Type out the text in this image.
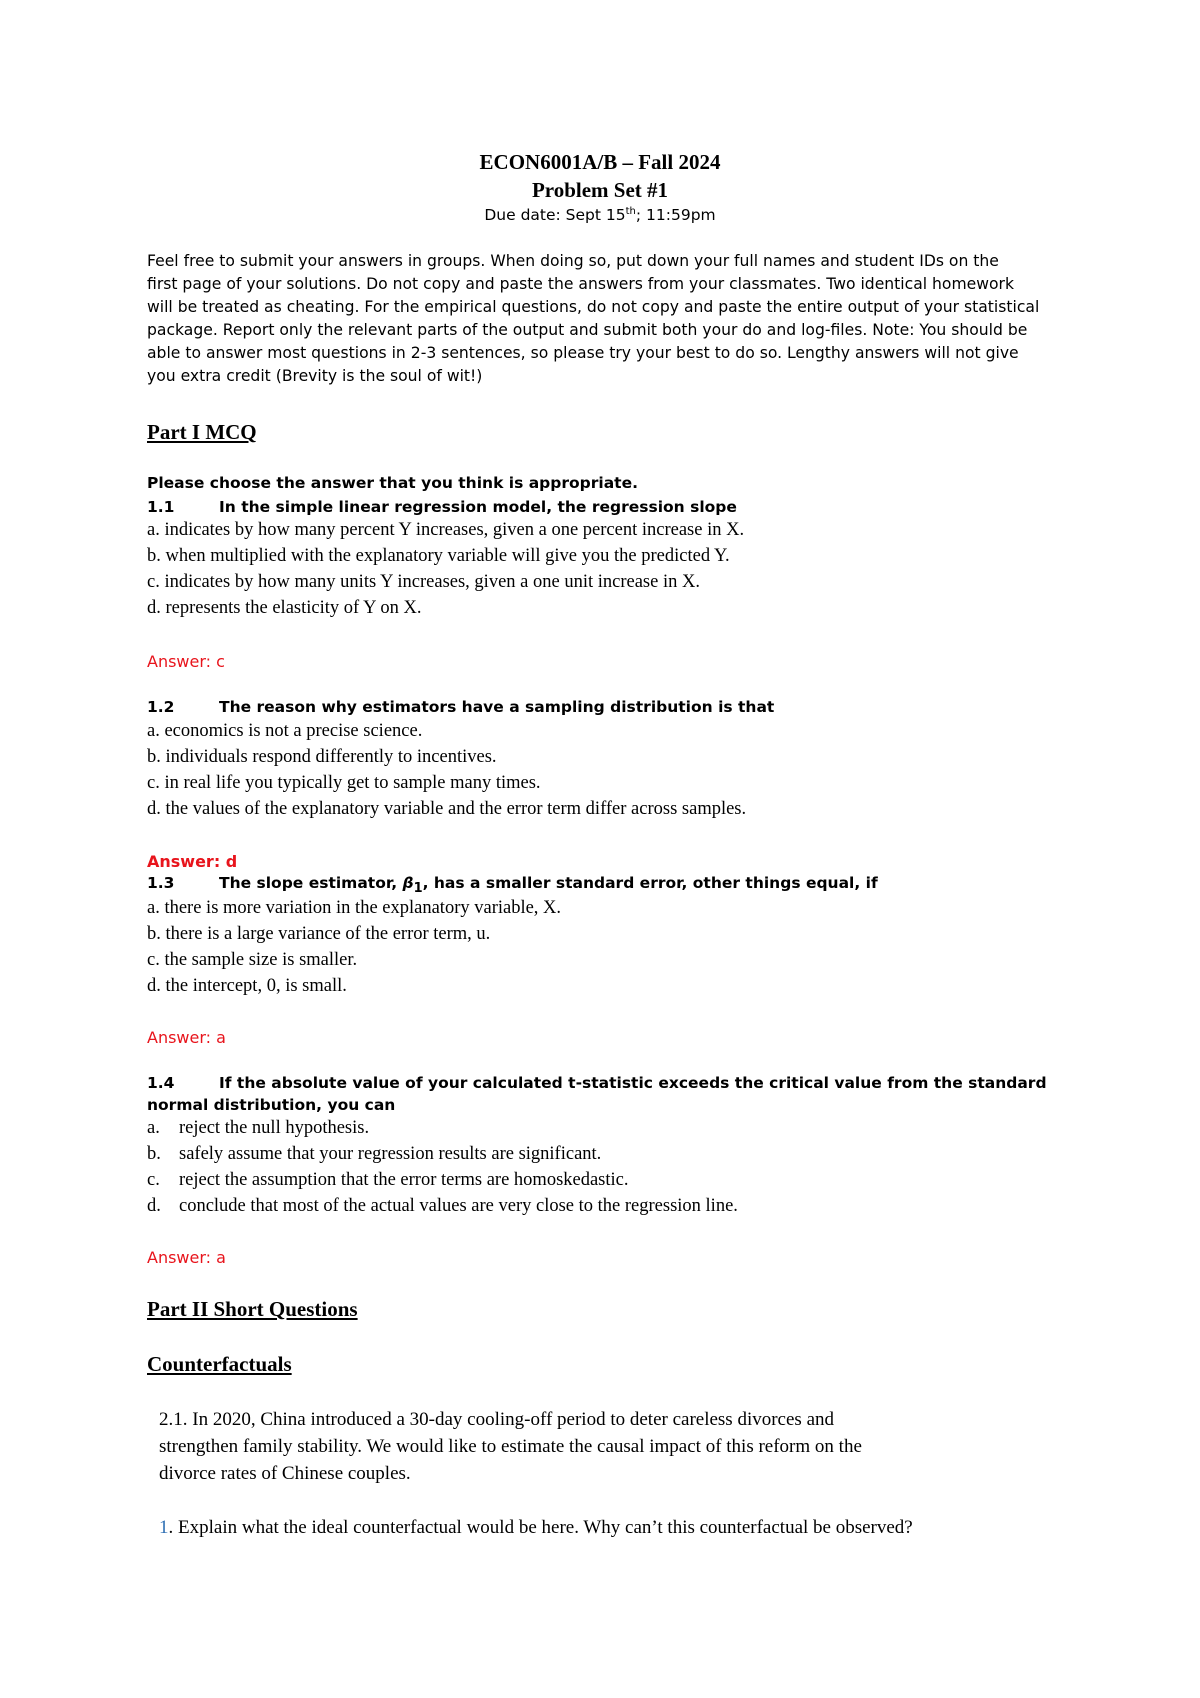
ECON6001A/B – Fall 2024
Problem Set #1
Due date: Sept 15th; 11:59pm
Feel free to submit your answers in groups. When doing so, put down your full names and student IDs on the
first page of your solutions. Do not copy and paste the answers from your classmates. Two identical homework
will be treated as cheating. For the empirical questions, do not copy and paste the entire output of your statistical
package. Report only the relevant parts of the output and submit both your do and log-files. Note: You should be
able to answer most questions in 2-3 sentences, so please try your best to do so. Lengthy answers will not give
you extra credit (Brevity is the soul of wit!)
Part I MCQ
Please choose the answer that you think is appropriate.
1.1	In the simple linear regression model, the regression slope
a. indicates by how many percent Y increases, given a one percent increase in X.
b. when multiplied with the explanatory variable will give you the predicted Y.
c. indicates by how many units Y increases, given a one unit increase in X.
d. represents the elasticity of Y on X.
Answer: c
1.2	The reason why estimators have a sampling distribution is that
a. economics is not a precise science.
b. individuals respond differently to incentives.
c. in real life you typically get to sample many times.
d. the values of the explanatory variable and the error term differ across samples.
Answer: d
1.3	The slope estimator, $\beta_1$, has a smaller standard error, other things equal, if
a. there is more variation in the explanatory variable, X.
b. there is a large variance of the error term, u.
c. the sample size is smaller.
d. the intercept, 0, is small.
Answer: a
1.4	If the absolute value of your calculated t-statistic exceeds the critical value from the standard
normal distribution, you can
a. reject the null hypothesis.
b. safely assume that your regression results are significant.
c. reject the assumption that the error terms are homoskedastic.
d. conclude that most of the actual values are very close to the regression line.
Answer: a
Part II Short Questions
Counterfactuals
2.1. In 2020, China introduced a 30-day cooling-off period to deter careless divorces and
strengthen family stability. We would like to estimate the causal impact of this reform on the
divorce rates of Chinese couples.
1. Explain what the ideal counterfactual would be here. Why can’t this counterfactual be observed?
